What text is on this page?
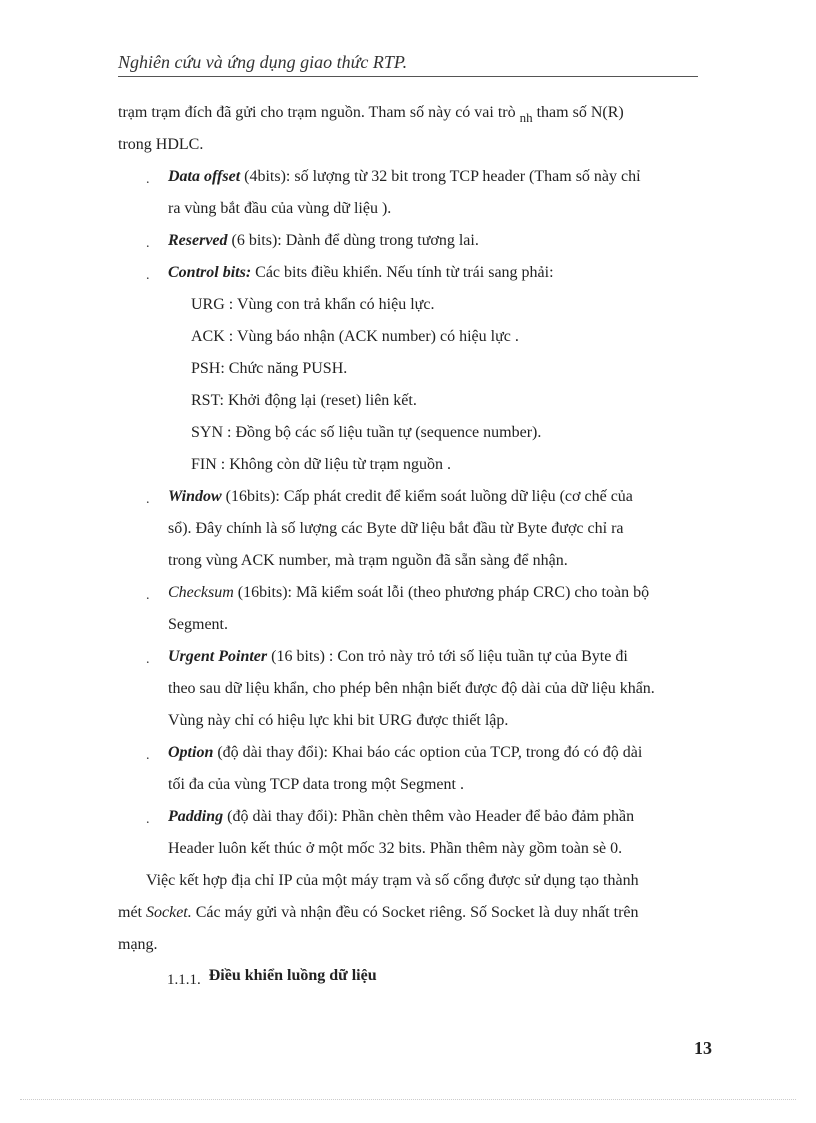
Nghiên cứu và ứng dụng giao thức RTP.
trạm trạm đích đã gửi cho trạm nguồn. Tham số này có vai trò $_{nh}$ tham số N(R)
trong HDLC.
. Data offset (4bits): số lượng từ 32 bit trong TCP header (Tham số này chỉ
ra vùng bắt đầu của vùng dữ liệu ).
. Reserved (6 bits): Dành để dùng trong tương lai.
. Control bits: Các bits điều khiển. Nếu tính từ trái sang phải:
URG : Vùng con trả khẩn có hiệu lực.
ACK : Vùng báo nhận (ACK number) có hiệu lực .
PSH: Chức năng PUSH.
RST: Khởi động lại (reset) liên kết.
SYN : Đồng bộ các số liệu tuần tự (sequence number).
FIN : Không còn dữ liệu từ trạm nguồn .
. Window (16bits): Cấp phát credit để kiểm soát luồng dữ liệu (cơ chế của
sổ). Đây chính là số lượng các Byte dữ liệu bắt đầu từ Byte được chỉ ra
trong vùng ACK number, mà trạm nguồn đã sẵn sàng để nhận.
. Checksum (16bits): Mã kiểm soát lỗi (theo phương pháp CRC) cho toàn bộ
Segment.
. Urgent Pointer (16 bits) : Con trỏ này trỏ tới số liệu tuần tự của Byte đi
theo sau dữ liệu khẩn, cho phép bên nhận biết được độ dài của dữ liệu khẩn.
Vùng này chỉ có hiệu lực khi bit URG được thiết lập.
. Option (độ dài thay đổi): Khai báo các option của TCP, trong đó có độ dài
tối đa của vùng TCP data trong một Segment .
. Padding (độ dài thay đổi): Phần chèn thêm vào Header để bảo đảm phần
Header luôn kết thúc ở một mốc 32 bits. Phần thêm này gồm toàn sè 0.
Việc kết hợp địa chỉ IP của một máy trạm và số cổng được sử dụng tạo thành
mét Socket. Các máy gửi và nhận đều có Socket riêng. Số Socket là duy nhất trên
mạng.
1.1.1. Điều khiển luồng dữ liệu
13
